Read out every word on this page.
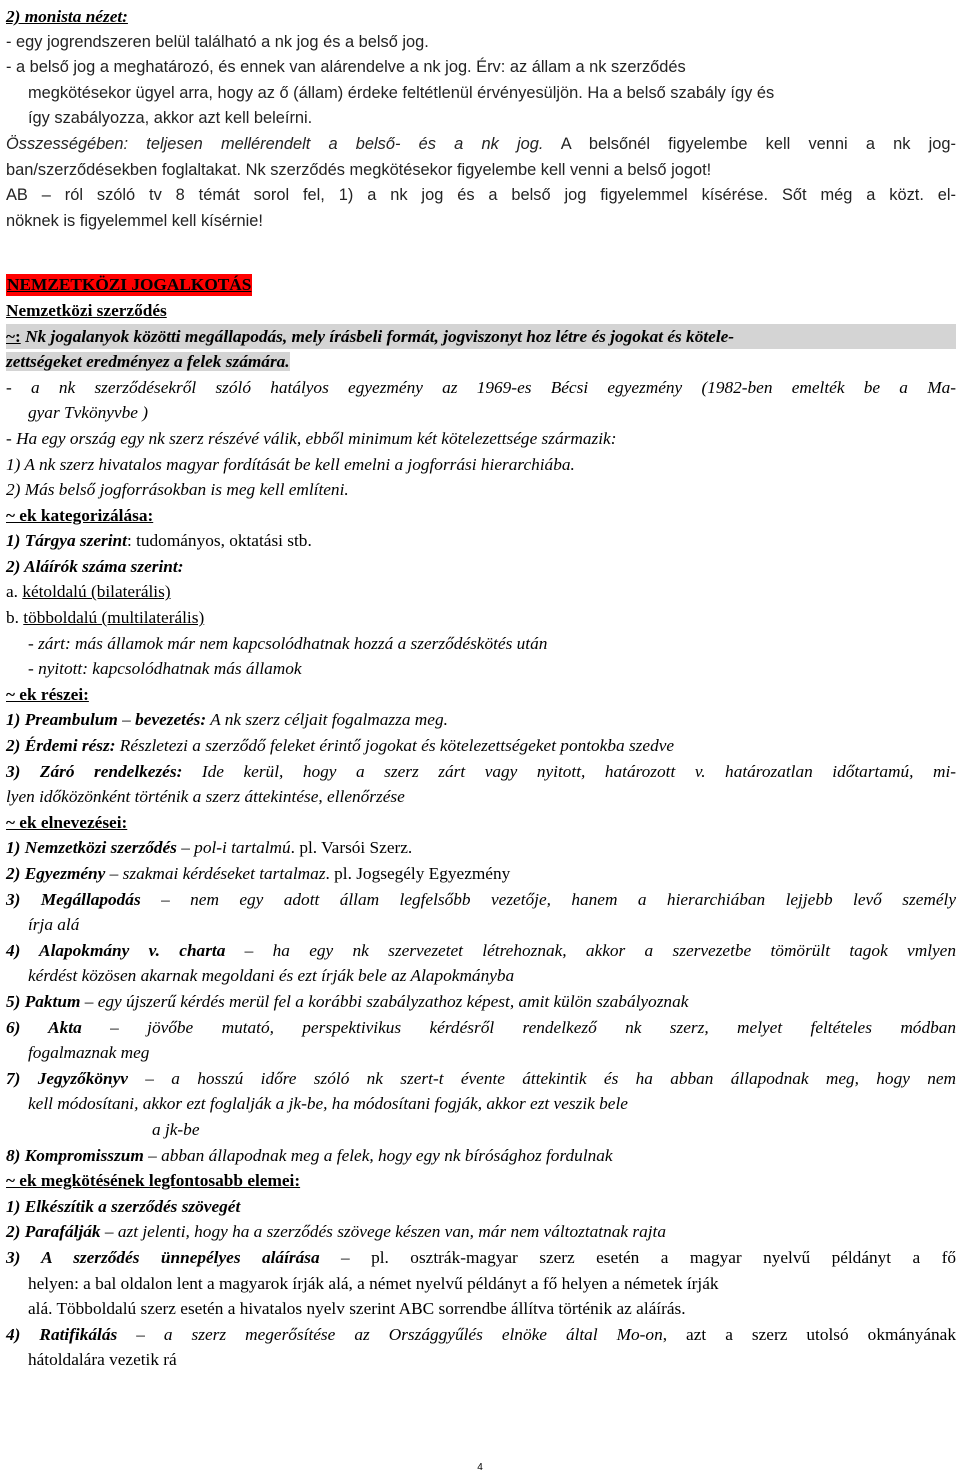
2) monista nézet:
- egy jogrendszeren belül található a nk jog és a belső jog.
- a belső jog a meghatározó, és ennek van alárendelve a nk jog. Érv: az állam a nk szerződés
megkötésekor ügyel arra, hogy az ő (állam) érdeke feltétlenül érvényesüljön. Ha a belső szabály így és
így szabályozza, akkor azt kell beleírni.
Összességében: teljesen mellérendelt a belső- és a nk jog. A belsőnél figyelembe kell venni a nk jog-
ban/szerződésekben foglaltakat. Nk szerződés megkötésekor figyelembe kell venni a belső jogot!
AB – ról szóló tv 8 témát sorol fel, 1) a nk jog és a belső jog figyelemmel kísérése. Sőt még a közt. el-
nöknek is figyelemmel kell kísérnie!
NEMZETKÖZI JOGALKOTÁS
Nemzetközi szerződés
~: Nk jogalanyok közötti megállapodás, mely írásbeli formát, jogviszonyt hoz létre és jogokat és kötele-
zettségeket eredményez a felek számára.
- a nk szerződésekről szóló hatályos egyezmény az 1969-es Bécsi egyezmény (1982-ben emelték be a Ma-
gyar Tvkönyvbe )
- Ha egy ország egy nk szerz részévé válik, ebből minimum két kötelezettsége származik:
1) A nk szerz hivatalos magyar fordítását be kell emelni a jogforrási hierarchiába.
2) Más belső jogforrásokban is meg kell említeni.
~ ek kategorizálása:
1) Tárgya szerint: tudományos, oktatási stb.
2) Aláírók száma szerint:
a. kétoldalú (bilaterális)
b. többoldalú (multilaterális)
- zárt: más államok már nem kapcsolódhatnak hozzá a szerződéskötés után
- nyitott: kapcsolódhatnak más államok
~ ek részei:
1) Preambulum – bevezetés: A nk szerz céljait fogalmazza meg.
2) Érdemi rész: Részletezi a szerződő feleket érintő jogokat és kötelezettségeket pontokba szedve
3) Záró rendelkezés: Ide kerül, hogy a szerz zárt vagy nyitott, határozott v. határozatlan időtartamú, mi-
lyen időközönként történik a szerz áttekintése, ellenőrzése
~ ek elnevezései:
1) Nemzetközi szerződés – pol-i tartalmú. pl. Varsói Szerz.
2) Egyezmény – szakmai kérdéseket tartalmaz. pl. Jogsegély Egyezmény
3) Megállapodás – nem egy adott állam legfelsőbb vezetője, hanem a hierarchiában lejjebb levő személy
írja alá
4) Alapokmány v. charta – ha egy nk szervezetet létrehoznak, akkor a szervezetbe tömörült tagok vmlyen
kérdést közösen akarnak megoldani és ezt írják bele az Alapokmányba
5) Paktum – egy újszerű kérdés merül fel a korábbi szabályzathoz képest, amit külön szabályoznak
6) Akta – jövőbe mutató, perspektivikus kérdésről rendelkező nk szerz, melyet feltételes módban
fogalmaznak meg
7) Jegyzőkönyv – a hosszú időre szóló nk szert-t évente áttekintik és ha abban állapodnak meg, hogy nem
kell módosítani, akkor ezt foglalják a jk-be, ha módosítani fogják, akkor ezt veszik bele
a jk-be
8) Kompromisszum – abban állapodnak meg a felek, hogy egy nk bírósághoz fordulnak
~ ek megkötésének legfontosabb elemei:
1) Elkészítik a szerződés szövegét
2) Parafálják – azt jelenti, hogy ha a szerződés szövege készen van, már nem változtatnak rajta
3) A szerződés ünnepélyes aláírása – pl. osztrák-magyar szerz esetén a magyar nyelvű példányt a fő
helyen: a bal oldalon lent a magyarok írják alá, a német nyelvű példányt a fő helyen a németek írják
alá. Többoldalú szerz esetén a hivatalos nyelv szerint ABC sorrendbe állítva történik az aláírás.
4) Ratifikálás – a szerz megerősítése az Országgyűlés elnöke által Mo-on, azt a szerz utolsó okmányának
hátoldalára vezetik rá
4
